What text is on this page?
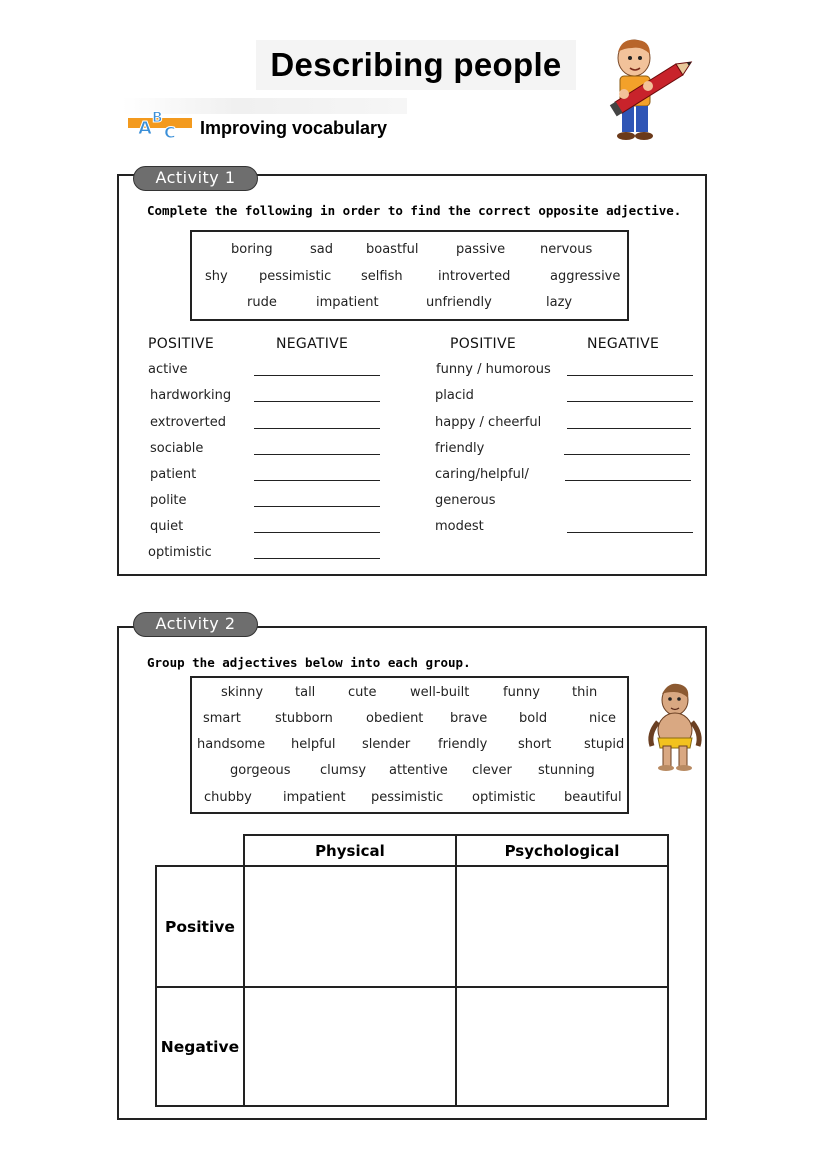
Describing people
A B
C Improving vocabulary
Activity 1
Complete the following in order to find the correct opposite adjective.
boring	sad	boastful	passive	nervous
shy pessimistic selfish	introverted	aggressive
rude	impatient	unfriendly	lazy
POSITIVE	NEGATIVE	POSITIVE	NEGATIVE
active
hardworking
extroverted
sociable
patient
polite
quiet
optimistic
funny / humorous
placid
happy / cheerful
friendly
caring/helpful/
generous
modest
Activity 2
Group the adjectives below into each group.
skinny tall	cute	well-built	funny thin
smart	stubborn	obedient brave bold	nice
handsome helpful slender friendly short	stupid
gorgeous clumsy attentive clever stunning
chubby impatient pessimistic optimistic beautiful
	Physical	Psychological
Positive		
Negative		
